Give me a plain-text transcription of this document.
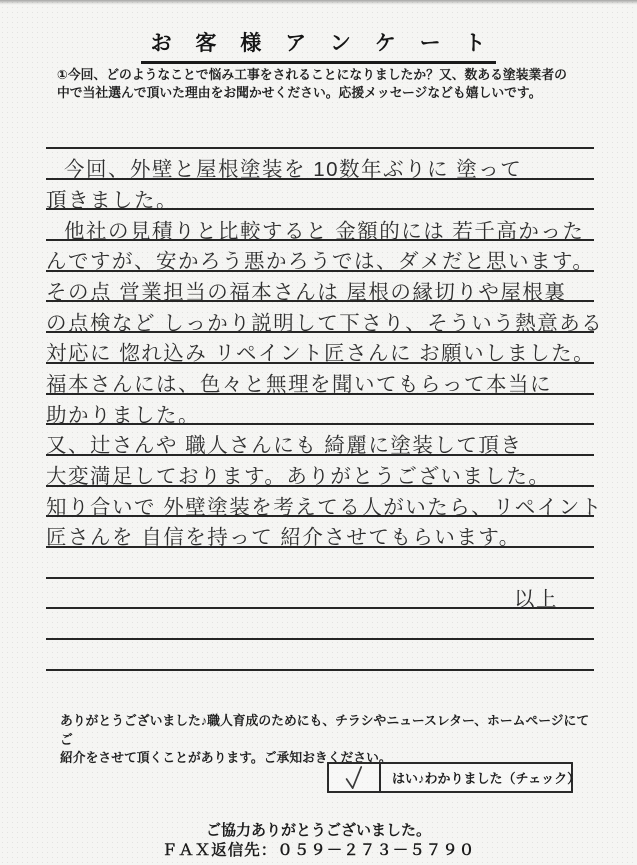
お 客 様 ア ン ケ ー ト
①今回、どのようなことで悩み工事をされることになりましたか？又、数ある塗装業者の
中で当社選んで頂いた理由をお聞かせください。応援メッセージなども嬉しいです。
今回、外壁と屋根塗装を 10数年ぶりに 塗って
頂きました。
他社の見積りと比較すると 金額的には 若千高かった
んですが、安かろう悪かろうでは、ダメだと思います。
その点 営業担当の福本さんは 屋根の縁切りや屋根裏
の点検など しっかり説明して下さり、そういう熱意ある
対応に 惚れ込み リペイント匠さんに お願いしました。
福本さんには、色々と無理を聞いてもらって本当に
助かりました。
又、辻さんや 職人さんにも 綺麗に塗装して頂き
大変満足しております。ありがとうございました。
知り合いで 外壁塗装を考えてる人がいたら、リペイント
匠さんを 自信を持って 紹介させてもらいます。
以上
ありがとうございました♪職人育成のためにも、チラシやニュースレター、ホームページにてご
紹介をさせて頂くことがあります。ご承知おきください。
はい♪わかりました（チェック）
ご協力ありがとうございました。
ＦＡＸ返信先：０５９－２７３－５７９０
